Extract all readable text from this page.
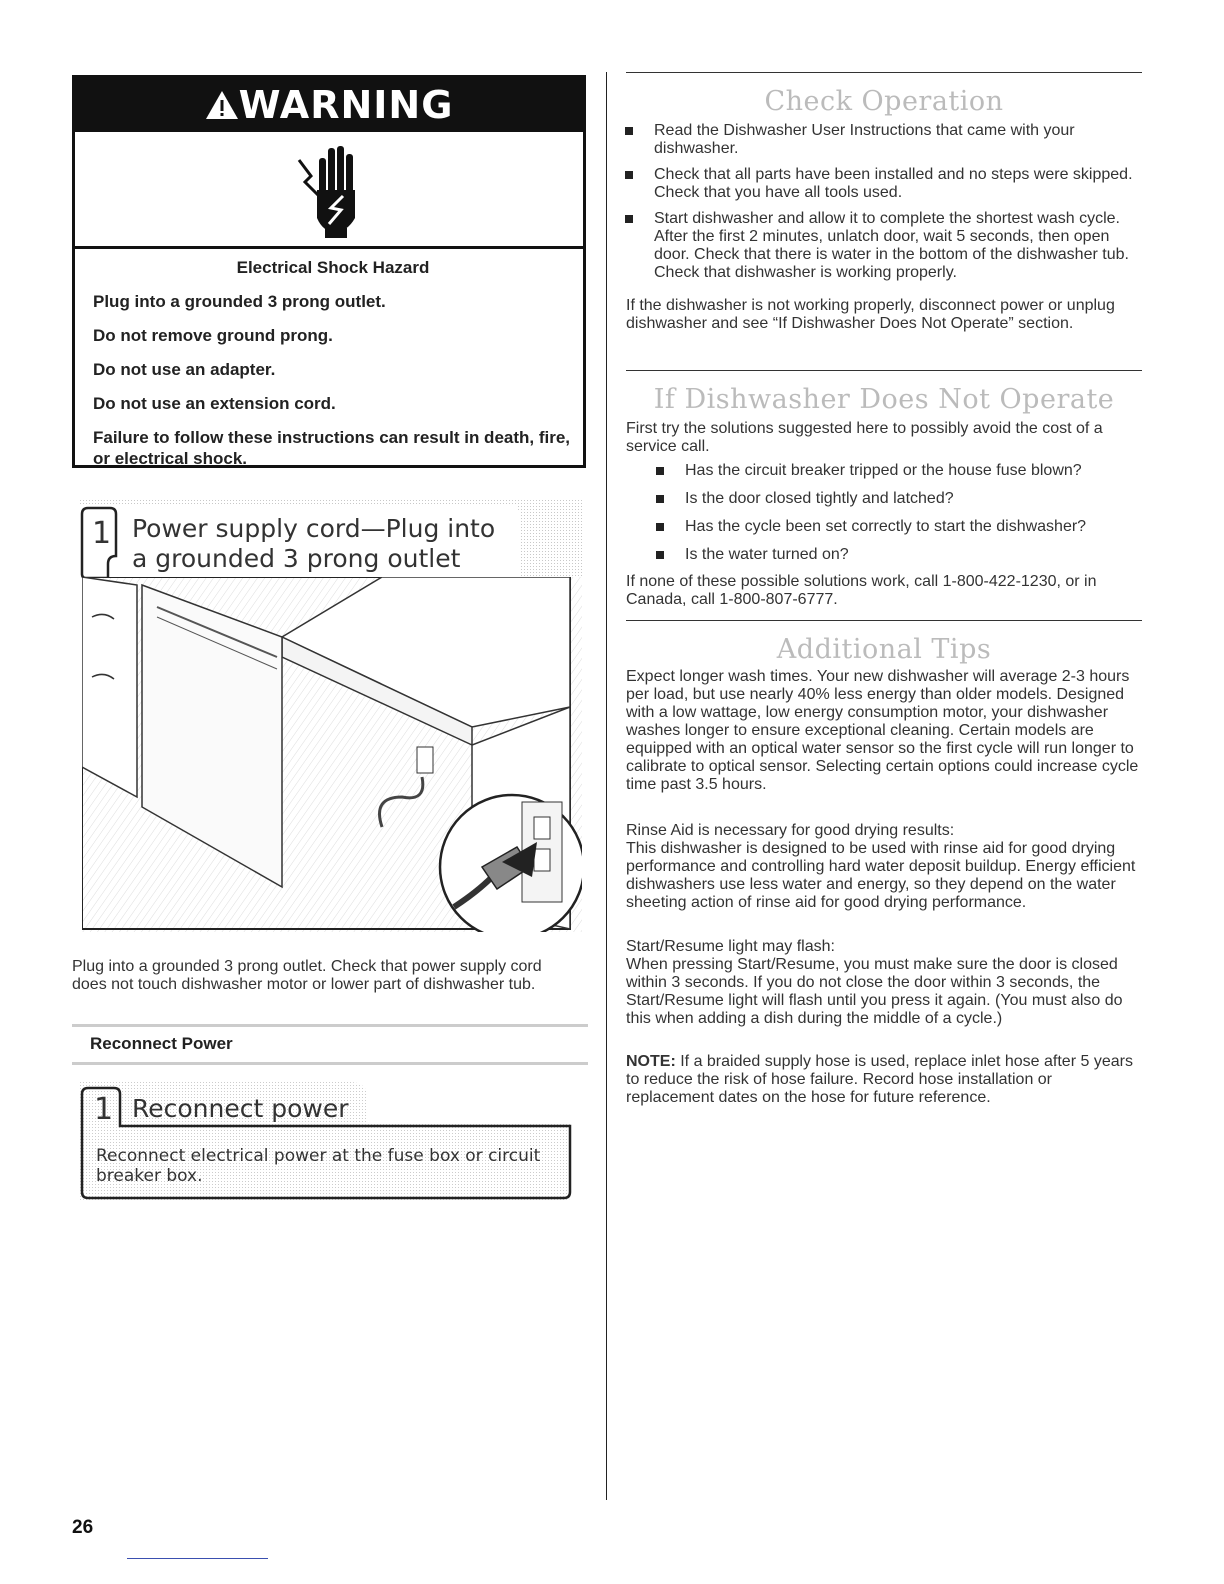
WARNING
Electrical Shock Hazard
Plug into a grounded 3 prong outlet.
Do not remove ground prong.
Do not use an adapter.
Do not use an extension cord.
Failure to follow these instructions can result in death, fire, or electrical shock.
1 Power supply cord—Plug into
a grounded 3 prong outlet
Plug into a grounded 3 prong outlet. Check that power supply cord does not touch dishwasher motor or lower part of dishwasher tub.
Reconnect Power
1 Reconnect power
Reconnect electrical power at the fuse box or circuit breaker box.
Check Operation
Read the Dishwasher User Instructions that came with your dishwasher.
Check that all parts have been installed and no steps were skipped. Check that you have all tools used.
Start dishwasher and allow it to complete the shortest wash cycle. After the first 2 minutes, unlatch door, wait 5 seconds, then open door. Check that there is water in the bottom of the dishwasher tub. Check that dishwasher is working properly.
If the dishwasher is not working properly, disconnect power or unplug dishwasher and see “If Dishwasher Does Not Operate” section.
If Dishwasher Does Not Operate
First try the solutions suggested here to possibly avoid the cost of a service call.
Has the circuit breaker tripped or the house fuse blown?
Is the door closed tightly and latched?
Has the cycle been set correctly to start the dishwasher?
Is the water turned on?
If none of these possible solutions work, call 1-800-422-1230, or in Canada, call 1-800-807-6777.
Additional Tips
Expect longer wash times. Your new dishwasher will average 2-3 hours per load, but use nearly 40% less energy than older models. Designed with a low wattage, low energy consumption motor, your dishwasher washes longer to ensure exceptional cleaning. Certain models are equipped with an optical water sensor so the first cycle will run longer to calibrate to optical sensor. Selecting certain options could increase cycle time past 3.5 hours.
Rinse Aid is necessary for good drying results:
This dishwasher is designed to be used with rinse aid for good drying performance and controlling hard water deposit buildup. Energy efficient dishwashers use less water and energy, so they depend on the water sheeting action of rinse aid for good drying performance.
Start/Resume light may flash:
When pressing Start/Resume, you must make sure the door is closed within 3 seconds. If you do not close the door within 3 seconds, the Start/Resume light will flash until you press it again. (You must also do this when adding a dish during the middle of a cycle.)
NOTE: If a braided supply hose is used, replace inlet hose after 5 years to reduce the risk of hose failure. Record hose installation or replacement dates on the hose for future reference.
26
